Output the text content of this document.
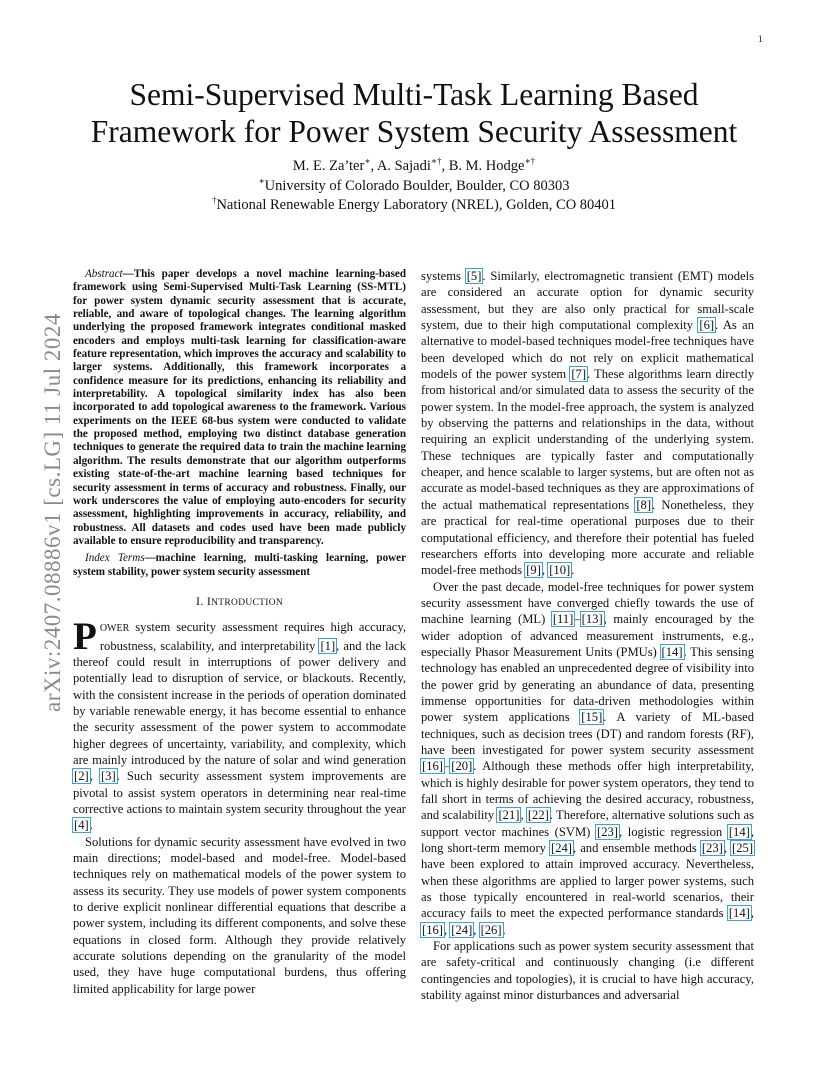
1
arXiv:2407.08886v1 [cs.LG] 11 Jul 2024
Semi-Supervised Multi-Task Learning Based
Framework for Power System Security Assessment
M. E. Za’ter∗, A. Sajadi∗†, B. M. Hodge∗†
∗University of Colorado Boulder, Boulder, CO 80303
†National Renewable Energy Laboratory (NREL), Golden, CO 80401

Abstract—This paper develops a novel machine learning-based framework using Semi-Supervised Multi-Task Learning (SS-MTL) for power system dynamic security assessment that is accurate, reliable, and aware of topological changes. The learning algorithm underlying the proposed framework integrates conditional masked encoders and employs multi-task learning for classification-aware feature representation, which improves the accuracy and scalability to larger systems. Additionally, this framework incorporates a confidence measure for its predictions, enhancing its reliability and interpretability. A topological similarity index has also been incorporated to add topological awareness to the framework. Various experiments on the IEEE 68-bus system were conducted to validate the proposed method, employing two distinct database generation techniques to generate the required data to train the machine learning algorithm. The results demonstrate that our algorithm outperforms existing state-of-the-art machine learning based techniques for security assessment in terms of accuracy and robustness. Finally, our work underscores the value of employing auto-encoders for security assessment, highlighting improvements in accuracy, reliability, and robustness. All datasets and codes used have been made publicly available to ensure reproducibility and transparency.

Index Terms—machine learning, multi-tasking learning, power system stability, power system security assessment

I. INTRODUCTION

POWER system security assessment requires high accuracy, robustness, scalability, and interpretability [1], and the lack thereof could result in interruptions of power delivery and potentially lead to disruption of service, or blackouts. Recently, with the consistent increase in the periods of operation dominated by variable renewable energy, it has become essential to enhance the security assessment of the power system to accommodate higher degrees of uncertainty, variability, and complexity, which are mainly introduced by the nature of solar and wind generation [2], [3]. Such security assessment system improvements are pivotal to assist system operators in determining near real-time corrective actions to maintain system security throughout the year [4].

Solutions for dynamic security assessment have evolved in two main directions; model-based and model-free. Model-based techniques rely on mathematical models of the power system to assess its security. They use models of power system components to derive explicit nonlinear differential equations that describe a power system, including its different components, and solve these equations in closed form. Although they provide relatively accurate solutions depending on the granularity of the model used, they have huge computational burdens, thus offering limited applicability for large power

systems [5]. Similarly, electromagnetic transient (EMT) models are considered an accurate option for dynamic security assessment, but they are also only practical for small-scale system, due to their high computational complexity [6]. As an alternative to model-based techniques model-free techniques have been developed which do not rely on explicit mathematical models of the power system [7]. These algorithms learn directly from historical and/or simulated data to assess the security of the power system. In the model-free approach, the system is analyzed by observing the patterns and relationships in the data, without requiring an explicit understanding of the underlying system. These techniques are typically faster and computationally cheaper, and hence scalable to larger systems, but are often not as accurate as model-based techniques as they are approximations of the actual mathematical representations [8]. Nonetheless, they are practical for real-time operational purposes due to their computational efficiency, and therefore their potential has fueled researchers efforts into developing more accurate and reliable model-free methods [9], [10].

Over the past decade, model-free techniques for power system security assessment have converged chiefly towards the use of machine learning (ML) [11]–[13], mainly encouraged by the wider adoption of advanced measurement instruments, e.g., especially Phasor Measurement Units (PMUs) [14]. This sensing technology has enabled an unprecedented degree of visibility into the power grid by generating an abundance of data, presenting immense opportunities for data-driven methodologies within power system applications [15]. A variety of ML-based techniques, such as decision trees (DT) and random forests (RF), have been investigated for power system security assessment [16]–[20]. Although these methods offer high interpretability, which is highly desirable for power system operators, they tend to fall short in terms of achieving the desired accuracy, robustness, and scalability [21], [22]. Therefore, alternative solutions such as support vector machines (SVM) [23], logistic regression [14], long short-term memory [24], and ensemble methods [23], [25] have been explored to attain improved accuracy. Nevertheless, when these algorithms are applied to larger power systems, such as those typically encountered in real-world scenarios, their accuracy fails to meet the expected performance standards [14], [16], [24], [26].

For applications such as power system security assessment that are safety-critical and continuously changing (i.e different contingencies and topologies), it is crucial to have high accuracy, stability against minor disturbances and adversarial
